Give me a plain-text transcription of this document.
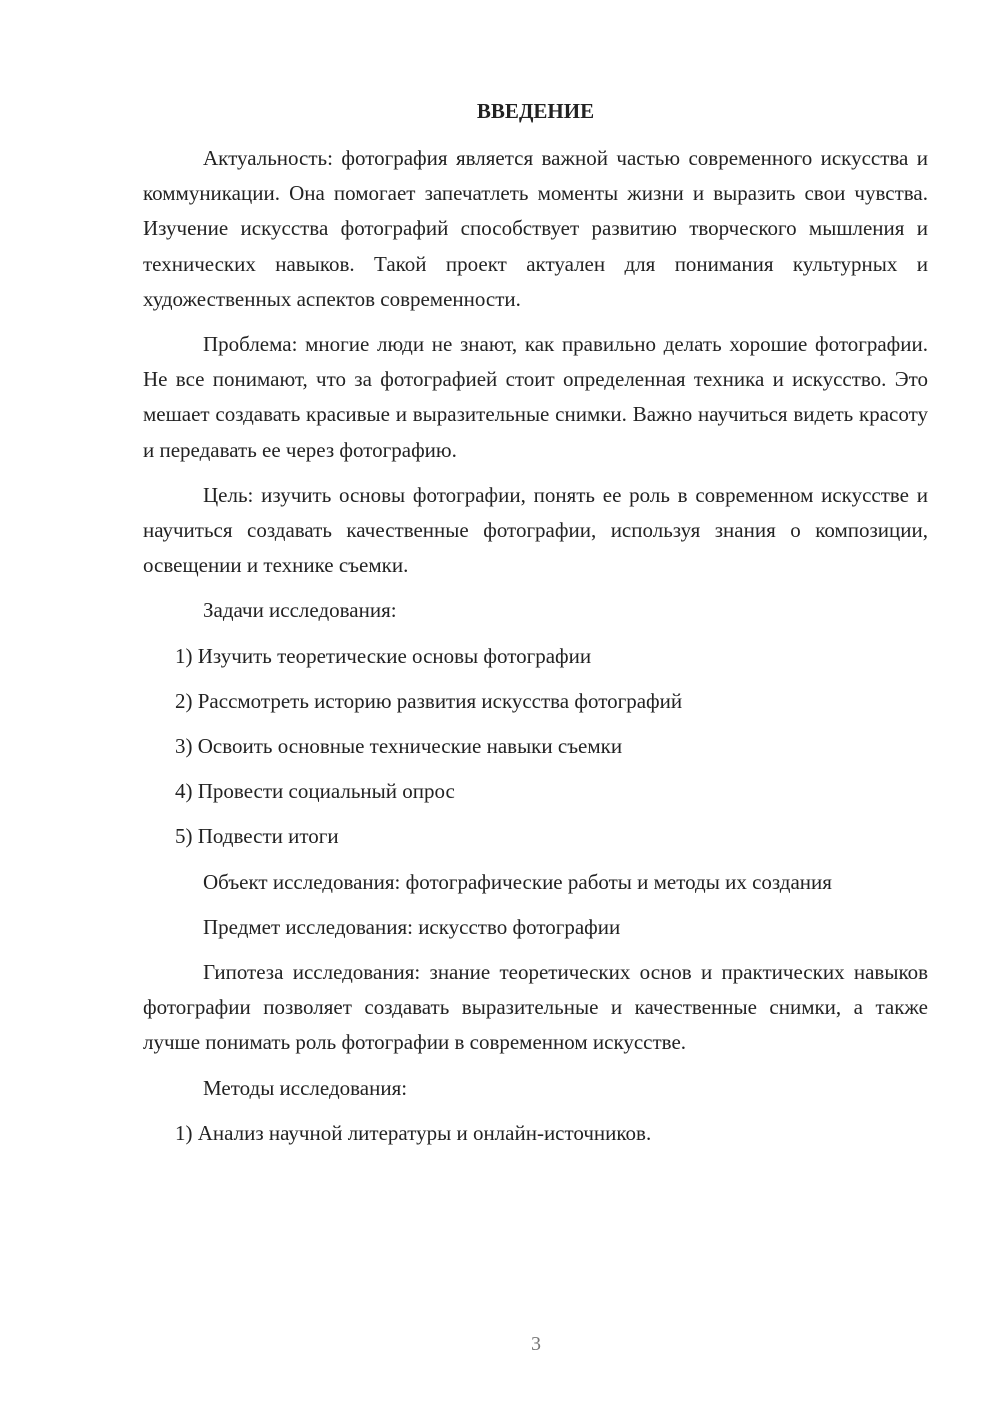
ВВЕДЕНИЕ
Актуальность: фотография является важной частью современного искусства и коммуникации. Она помогает запечатлеть моменты жизни и выразить свои чувства. Изучение искусства фотографий способствует развитию творческого мышления и технических навыков. Такой проект актуален для понимания культурных и художественных аспектов современности.
Проблема: многие люди не знают, как правильно делать хорошие фотографии. Не все понимают, что за фотографией стоит определенная техника и искусство. Это мешает создавать красивые и выразительные снимки. Важно научиться видеть красоту и передавать ее через фотографию.
Цель: изучить основы фотографии, понять ее роль в современном искусстве и научиться создавать качественные фотографии, используя знания о композиции, освещении и технике съемки.
Задачи исследования:
1) Изучить теоретические основы фотографии
2) Рассмотреть историю развития искусства фотографий
3) Освоить основные технические навыки съемки
4) Провести социальный опрос
5) Подвести итоги
Объект исследования: фотографические работы и методы их создания
Предмет исследования: искусство фотографии
Гипотеза исследования: знание теоретических основ и практических навыков фотографии позволяет создавать выразительные и качественные снимки, а также лучше понимать роль фотографии в современном искусстве.
Методы исследования:
1) Анализ научной литературы и онлайн-источников.
3
